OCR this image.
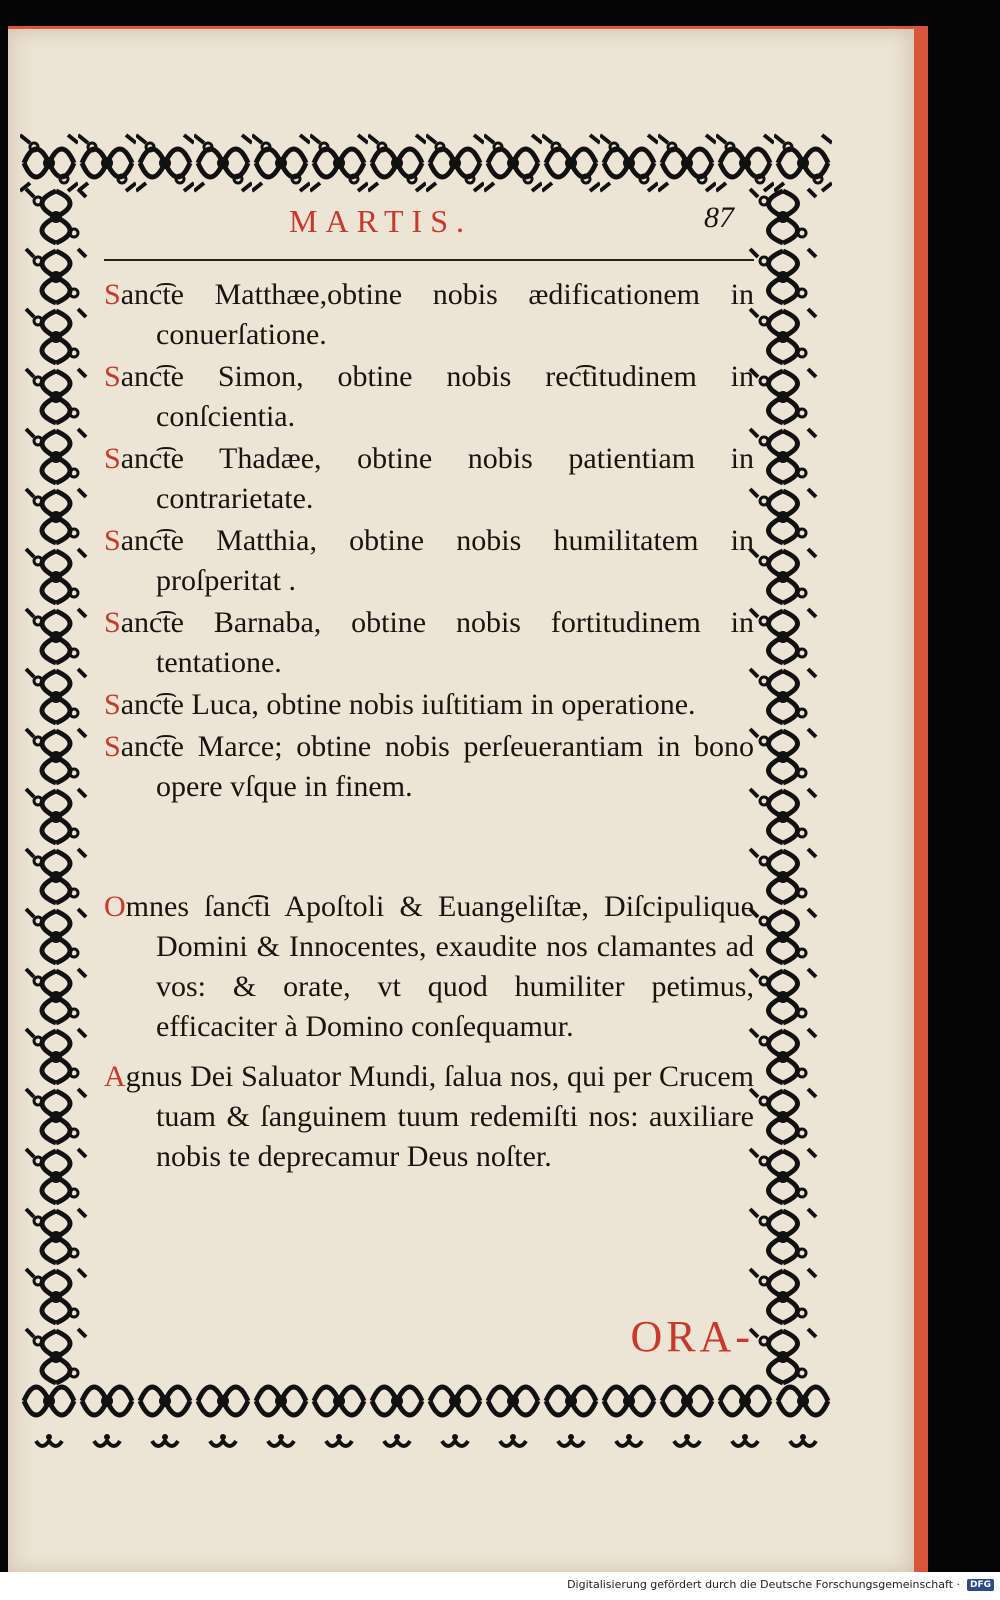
MARTIS.	87

Sanc͡te Matthæe,obtine nobis ædificationem in conuerſatione.

Sanc͡te Simon, obtine nobis rec͡titudinem in conſcientia.

Sanc͡te Thadæe, obtine nobis patientiam in contrarietate.

Sanc͡te Matthia, obtine nobis humilitatem in proſperitat .

Sanc͡te Barnaba, obtine nobis fortitudinem in tentatione.

Sanc͡te Luca, obtine nobis iuſtitiam in operatione.

Sanc͡te Marce; obtine nobis perſeuerantiam in bono opere vſque in finem.

Omnes ſanc͡ti Apoſtoli & Euangeliſtæ, Diſcipulique Domini & Innocentes, exaudite nos clamantes ad vos: & orate, vt quod humiliter petimus, efficaciter à Domino conſequamur.

Agnus Dei Saluator Mundi, ſalua nos, qui per Crucem tuam & ſanguinem tuum redemiſti nos: auxiliare nobis te deprecamur Deus noſter.

ORA-
Digitalisierung gefördert durch die Deutsche Forschungsgemeinschaft ·	DFG
